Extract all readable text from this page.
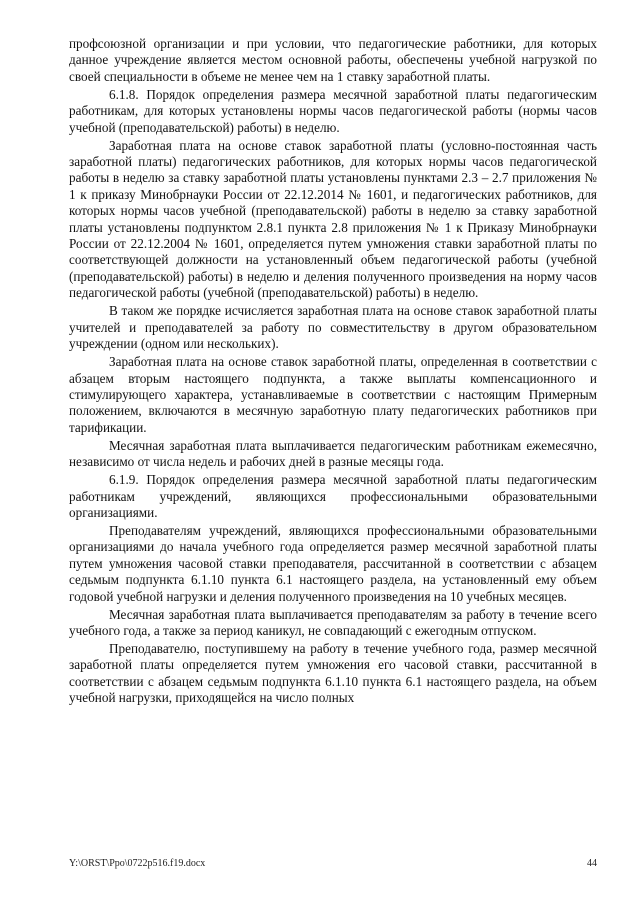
профсоюзной организации и при условии, что педагогические работники, для которых данное учреждение является местом основной работы, обеспечены учебной нагрузкой по своей специальности в объеме не менее чем на 1 ставку заработной платы.

6.1.8. Порядок определения размера месячной заработной платы педагогическим работникам, для которых установлены нормы часов педагогической работы (нормы часов учебной (преподавательской) работы) в неделю.

Заработная плата на основе ставок заработной платы (условно-постоянная часть заработной платы) педагогических работников, для которых нормы часов педагогической работы в неделю за ставку заработной платы установлены пунктами 2.3 – 2.7 приложения № 1 к приказу Минобрнауки России от 22.12.2014 № 1601, и педагогических работников, для которых нормы часов учебной (преподавательской) работы в неделю за ставку заработной платы установлены подпунктом 2.8.1 пункта 2.8 приложения № 1 к Приказу Минобрнауки России от 22.12.2004 № 1601, определяется путем умножения ставки заработной платы по соответствующей должности на установленный объем педагогической работы (учебной (преподавательской) работы) в неделю и деления полученного произведения на норму часов педагогической работы (учебной (преподавательской) работы) в неделю.

В таком же порядке исчисляется заработная плата на основе ставок заработной платы учителей и преподавателей за работу по совместительству в другом образовательном учреждении (одном или нескольких).

Заработная плата на основе ставок заработной платы, определенная в соответствии с абзацем вторым настоящего подпункта, а также выплаты компенсационного и стимулирующего характера, устанавливаемые в соответствии с настоящим Примерным положением, включаются в месячную заработную плату педагогических работников при тарификации.

Месячная заработная плата выплачивается педагогическим работникам ежемесячно, независимо от числа недель и рабочих дней в разные месяцы года.

6.1.9. Порядок определения размера месячной заработной платы педагогическим работникам учреждений, являющихся профессиональными образовательными организациями.

Преподавателям учреждений, являющихся профессиональными образовательными организациями до начала учебного года определяется размер месячной заработной платы путем умножения часовой ставки преподавателя, рассчитанной в соответствии с абзацем седьмым подпункта 6.1.10 пункта 6.1 настоящего раздела, на установленный ему объем годовой учебной нагрузки и деления полученного произведения на 10 учебных месяцев.

Месячная заработная плата выплачивается преподавателям за работу в течение всего учебного года, а также за период каникул, не совпадающий с ежегодным отпуском.

Преподавателю, поступившему на работу в течение учебного года, размер месячной заработной платы определяется путем умножения его часовой ставки, рассчитанной в соответствии с абзацем седьмым подпункта 6.1.10 пункта 6.1 настоящего раздела, на объем учебной нагрузки, приходящейся на число полных

Y:\ORST\Ppo\0722p516.f19.docx	44
